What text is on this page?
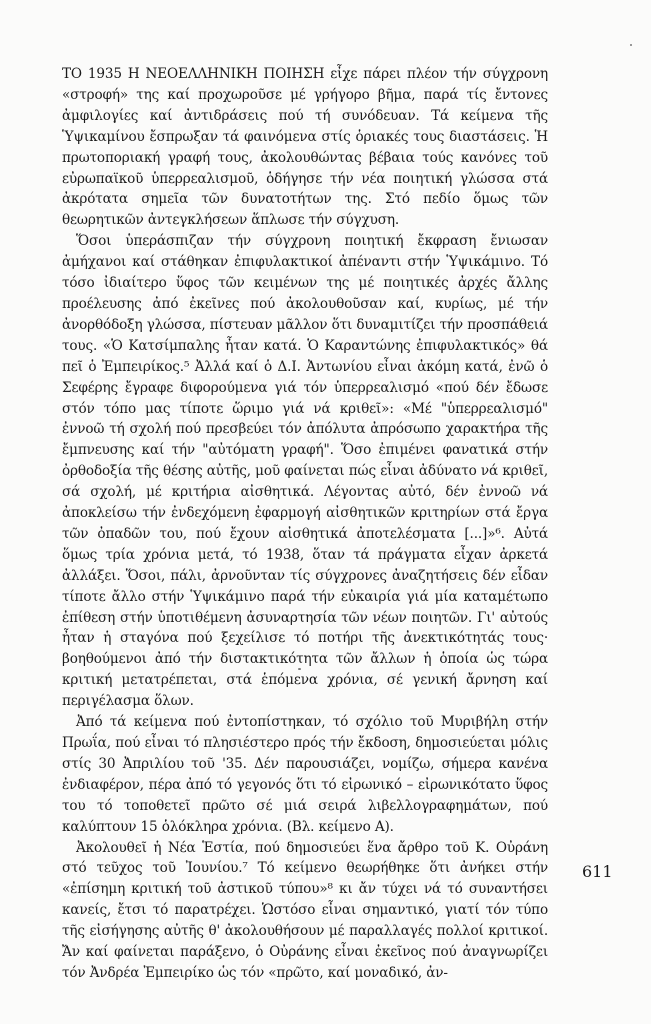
ΤΟ 1935 Η ΝΕΟΕΛΛΗΝΙΚΗ ΠΟΙΗΣΗ εἶχε πάρει πλέον τήν σύγχρονη «στροφή» της καί προχωροῦσε μέ γρήγορο βῆμα, παρά τίς ἔντονες ἀμφιλογίες καί ἀντιδράσεις πού τή συνόδευαν. Τά κείμενα τῆς Ὑψικαμίνου ἔσπρωξαν τά φαινόμενα στίς ὁριακές τους διαστάσεις. Ἡ πρωτοποριακή γραφή τους, ἀκολουθώντας βέβαια τούς κανόνες τοῦ εὐρωπαϊκοῦ ὑπερρεαλισμοῦ, ὁδήγησε τήν νέα ποιητική γλώσσα στά ἀκρότατα σημεῖα τῶν δυνατοτήτων της. Στό πεδίο ὅμως τῶν θεωρητικῶν ἀντεγκλήσεων ἅπλωσε τήν σύγχυση.

Ὅσοι ὑπεράσπιζαν τήν σύγχρονη ποιητική ἔκφραση ἔνιωσαν ἀμήχανοι καί στάθηκαν ἐπιφυλακτικοί ἀπέναντι στήν Ὑψικάμινο. Τό τόσο ἰδιαίτερο ὕφος τῶν κειμένων της μέ ποιητικές ἀρχές ἄλλης προέλευσης ἀπό ἐκεῖνες πού ἀκολουθοῦσαν καί, κυρίως, μέ τήν ἀνορθόδοξη γλώσσα, πίστευαν μᾶλλον ὅτι δυναμιτίζει τήν προσπάθειά τους. «Ὁ Κατσίμπαλης ἦταν κατά. Ὁ Καραντώνης ἐπιφυλακτικός» θά πεῖ ὁ Ἐμπειρίκος.⁵ Ἀλλά καί ὁ Δ.Ι. Ἀντωνίου εἶναι ἀκόμη κατά, ἐνῶ ὁ Σεφέρης ἔγραφε διφορούμενα γιά τόν ὑπερρεαλισμό «πού δέν ἔδωσε στόν τόπο μας τίποτε ὥριμο γιά νά κριθεῖ»: «Μέ "ὑπερρεαλισμό" ἐννοῶ τή σχολή πού πρεσβεύει τόν ἀπόλυτα ἀπρόσωπο χαρακτήρα τῆς ἔμπνευσης καί τήν "αὐτόματη γραφή". Ὅσο ἐπιμένει φανατικά στήν ὀρθοδοξία τῆς θέσης αὐτῆς, μοῦ φαίνεται πώς εἶναι ἀδύνατο νά κριθεῖ, σά σχολή, μέ κριτήρια αἰσθητικά. Λέγοντας αὐτό, δέν ἐννοῶ νά ἀποκλείσω τήν ἐνδεχόμενη ἐφαρμογή αἰσθητικῶν κριτηρίων στά ἔργα τῶν ὀπαδῶν του, πού ἔχουν αἰσθητικά ἀποτελέσματα [...]»⁶. Αὐτά ὅμως τρία χρόνια μετά, τό 1938, ὅταν τά πράγματα εἶχαν ἀρκετά ἀλλάξει. Ὅσοι, πάλι, ἀρνοῦνταν τίς σύγχρονες ἀναζητήσεις δέν εἶδαν τίποτε ἄλλο στήν Ὑψικάμινο παρά τήν εὐκαιρία γιά μία καταμέτωπο ἐπίθεση στήν ὑποτιθέμενη ἀσυναρτησία τῶν νέων ποιητῶν. Γι' αὐτούς ἦταν ἡ σταγόνα πού ξεχείλισε τό ποτήρι τῆς ἀνεκτικότητάς τους· βοηθούμενοι ἀπό τήν διστακτικότητα τῶν ἄλλων ἡ ὁποία ὡς τώρα κριτική μετατρέπεται, στά ἑπόμενα χρόνια, σέ γενική ἄρνηση καί περιγέλασμα ὅλων.

Ἀπό τά κείμενα πού ἐντοπίστηκαν, τό σχόλιο τοῦ Μυριβήλη στήν Πρωΐα, πού εἶναι τό πλησιέστερο πρός τήν ἔκδοση, δημοσιεύεται μόλις στίς 30 Ἀπριλίου τοῦ '35. Δέν παρουσιάζει, νομίζω, σήμερα κανένα ἐνδιαφέρον, πέρα ἀπό τό γεγονός ὅτι τό εἰρωνικό – εἰρωνικότατο ὕφος του τό τοποθετεῖ πρῶτο σέ μιά σειρά λιβελλογραφημάτων, πού καλύπτουν 15 ὁλόκληρα χρόνια. (Βλ. κείμενο Α).

Ἀκολουθεῖ ἡ Νέα Ἑστία, πού δημοσιεύει ἕνα ἄρθρο τοῦ Κ. Οὐράνη στό τεῦχος τοῦ Ἰουνίου.⁷ Τό κείμενο θεωρήθηκε ὅτι ἀνήκει στήν «ἐπίσημη κριτική τοῦ ἀστικοῦ τύπου»⁸ κι ἄν τύχει νά τό συναντήσει κανείς, ἔτσι τό παρατρέχει. Ὡστόσο εἶναι σημαντικό, γιατί τόν τύπο τῆς εἰσήγησης αὐτῆς θ' ἀκολουθήσουν μέ παραλλαγές πολλοί κριτικοί. Ἄν καί φαίνεται παράξενο, ὁ Οὐράνης εἶναι ἐκεῖνος πού ἀναγνωρίζει τόν Ἀνδρέα Ἐμπειρίκο ὡς τόν «πρῶτο, καί μοναδικό, ἀν-

611
